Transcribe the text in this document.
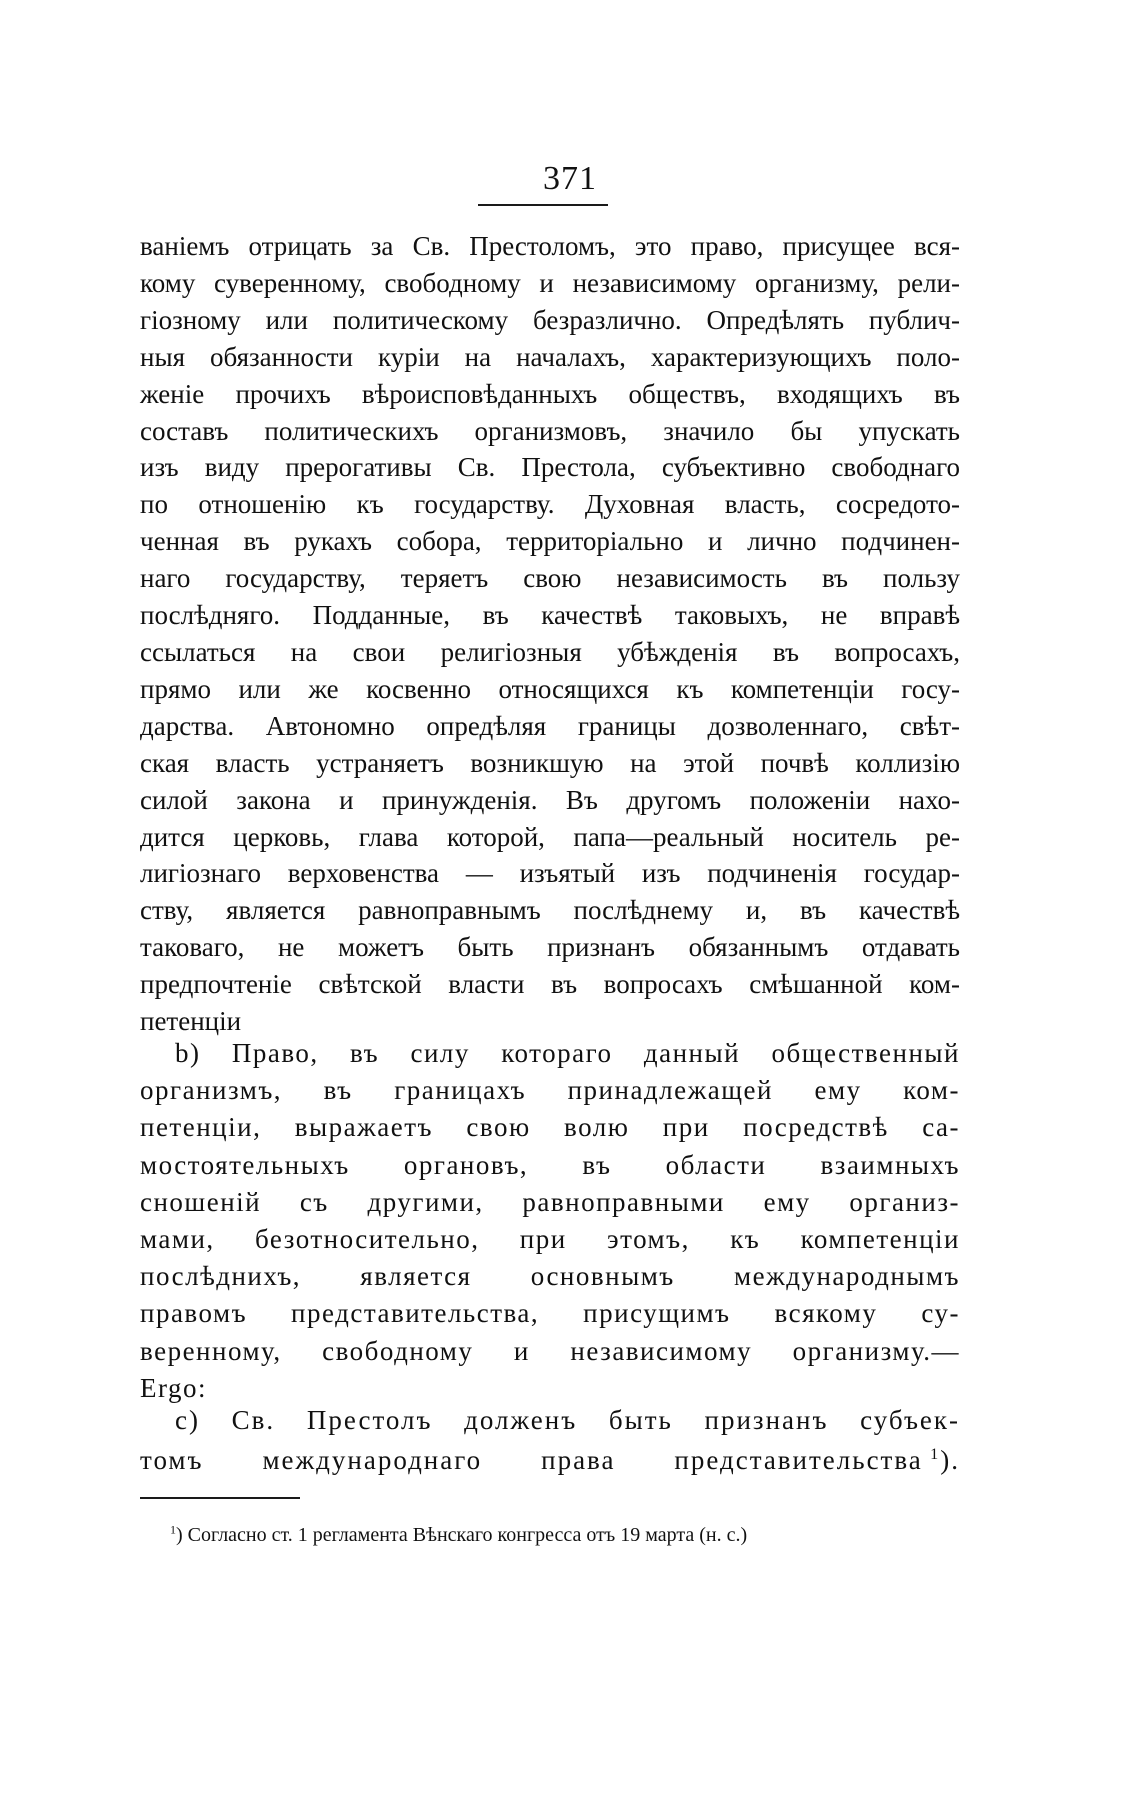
371
ваніемъ отрицать за Св. Престоломъ, это право, присущее вся-
кому суверенному, свободному и независимому организму, рели-
гіозному или политическому безразлично. Опредѣлять публич-
ныя обязанности куріи на началахъ, характеризующихъ поло-
женіе прочихъ вѣроисповѣданныхъ обществъ, входящихъ въ
составъ политическихъ организмовъ, значило бы упускать
изъ виду прерогативы Св. Престола, субъективно свободнаго
по отношенію къ государству. Духовная власть, сосредото-
ченная въ рукахъ собора, территоріально и лично подчинен-
наго государству, теряетъ свою независимость въ пользу
послѣдняго. Подданные, въ качествѣ таковыхъ, не вправѣ
ссылаться на свои религіозныя убѣжденія въ вопросахъ,
прямо или же косвенно относящихся къ компетенціи госу-
дарства. Автономно опредѣляя границы дозволеннаго, свѣт-
ская власть устраняетъ возникшую на этой почвѣ коллизію
силой закона и принужденія. Въ другомъ положеніи нахо-
дится церковь, глава которой, папа—реальный носитель ре-
лигіознаго верховенства — изъятый изъ подчиненія государ-
ству, является равноправнымъ послѣднему и, въ качествѣ
таковаго, не можетъ быть признанъ обязаннымъ отдавать
предпочтеніе свѣтской власти въ вопросахъ смѣшанной ком-
петенціи
b) Право, въ силу котораго данный общественный
организмъ, въ границахъ принадлежащей ему ком-
петенціи, выражаетъ свою волю при посредствѣ са-
мостоятельныхъ органовъ, въ области взаимныхъ
сношеній съ другими, равноправными ему организ-
мами, безотносительно, при этомъ, къ компетенціи
послѣднихъ, является основнымъ международнымъ
правомъ представительства, присущимъ всякому су-
веренному, свободному и независимому организму.—
Ergo:
c) Св. Престолъ долженъ быть признанъ субъек-
томъ международнаго права представительства  $^1$).
$^1$) Согласно ст. 1 регламента Вѣнскаго конгресса отъ 19 марта (н. с.)
